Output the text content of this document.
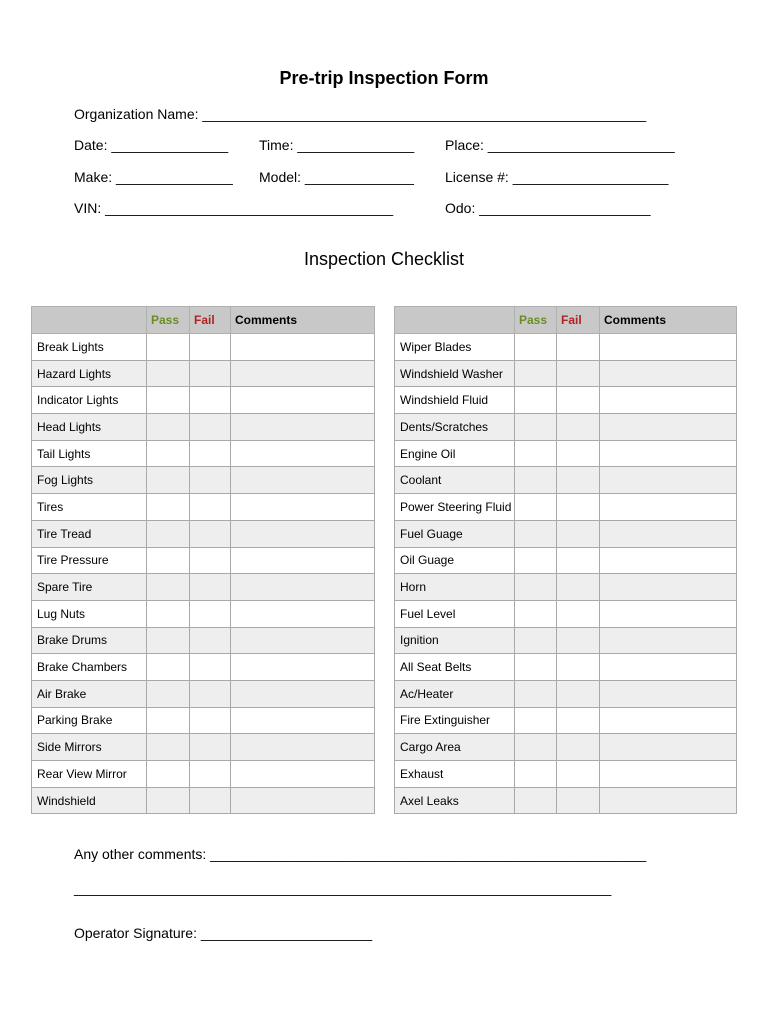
Pre-trip Inspection Form
Organization Name: _________________________________________________________
Date: _______________ Time: _______________ Place: ________________________
Make: _______________ Model: ______________ License #: ____________________
VIN: _____________________________________	Odo: ______________________
Inspection Checklist
	Pass	Fail	Comments
Break Lights			
Hazard Lights			
Indicator Lights			
Head Lights			
Tail Lights			
Fog Lights			
Tires			
Tire Tread			
Tire Pressure			
Spare Tire			
Lug Nuts			
Brake Drums			
Brake Chambers			
Air Brake			
Parking Brake			
Side Mirrors			
Rear View Mirror			
Windshield			
	Pass	Fail	Comments
Wiper Blades			
Windshield Washer			
Windshield Fluid			
Dents/Scratches			
Engine Oil			
Coolant			
Power Steering Fluid			
Fuel Guage			
Oil Guage			
Horn			
Fuel Level			
Ignition			
All Seat Belts			
Ac/Heater			
Fire Extinguisher			
Cargo Area			
Exhaust			
Axel Leaks			
Any other comments: ________________________________________________________
_____________________________________________________________________
Operator Signature: ______________________
